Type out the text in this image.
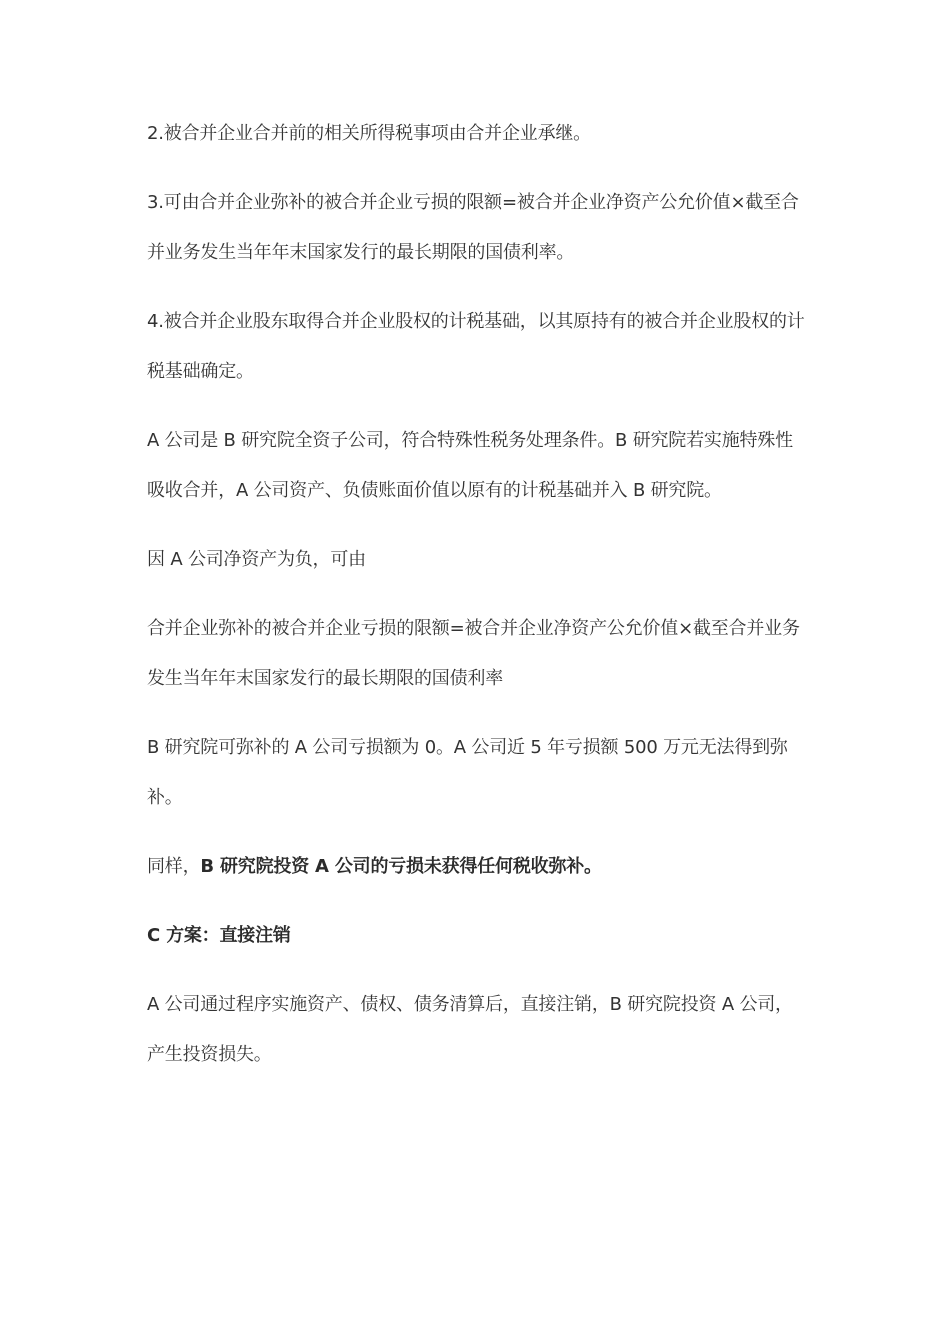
2.被合并企业合并前的相关所得税事项由合并企业承继。

3.可由合并企业弥补的被合并企业亏损的限额=被合并企业净资产公允价值×截至合并业务发生当年年末国家发行的最长期限的国债利率。

4.被合并企业股东取得合并企业股权的计税基础，以其原持有的被合并企业股权的计税基础确定。

A 公司是 B 研究院全资子公司，符合特殊性税务处理条件。B 研究院若实施特殊性吸收合并，A 公司资产、负债账面价值以原有的计税基础并入 B 研究院。

因 A 公司净资产为负，可由

合并企业弥补的被合并企业亏损的限额=被合并企业净资产公允价值×截至合并业务发生当年年末国家发行的最长期限的国债利率

B 研究院可弥补的 A 公司亏损额为 0。A 公司近 5 年亏损额 500 万元无法得到弥补。

同样，B 研究院投资 A 公司的亏损未获得任何税收弥补。

C 方案：直接注销

A 公司通过程序实施资产、债权、债务清算后，直接注销，B 研究院投资 A 公司，产生投资损失。
